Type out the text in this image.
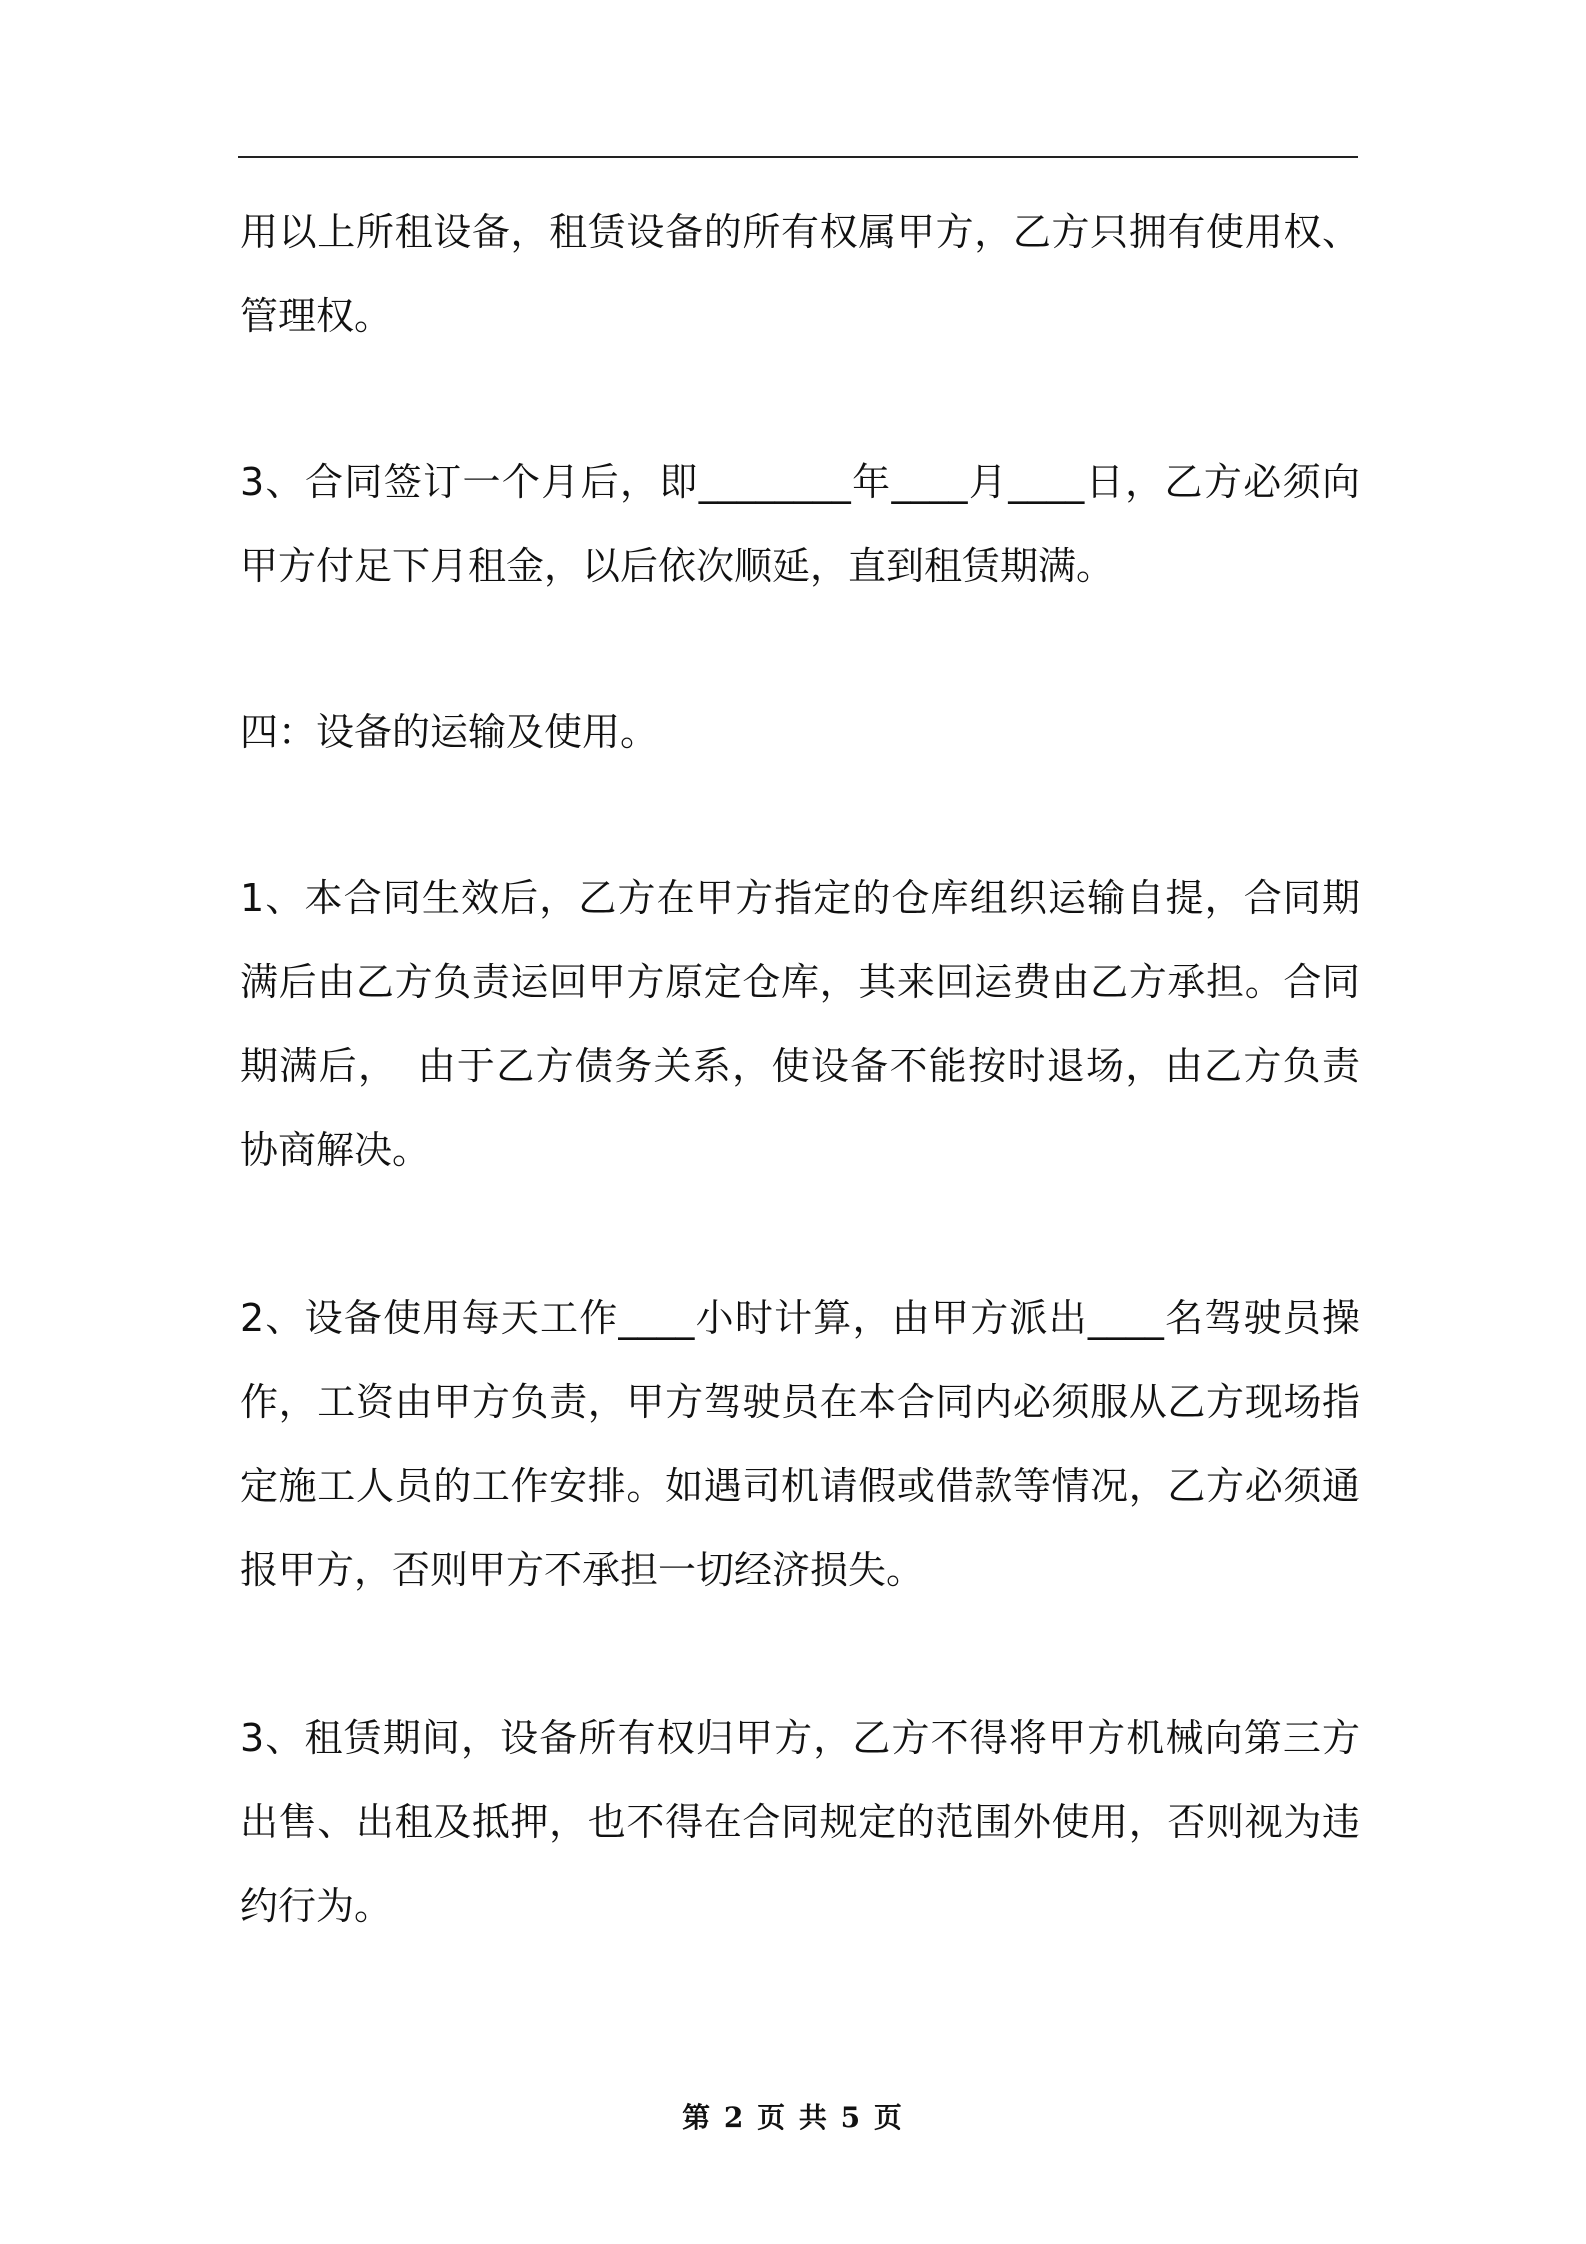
用以上所租设备，租赁设备的所有权属甲方，乙方只拥有使用权、管理权。

3、合同签订一个月后，即________年____月____日，乙方必须向甲方付足下月租金，以后依次顺延，直到租赁期满。

四：设备的运输及使用。

1、本合同生效后，乙方在甲方指定的仓库组织运输自提，合同期满后由乙方负责运回甲方原定仓库，其来回运费由乙方承担。合同期满后，　由于乙方债务关系，使设备不能按时退场，由乙方负责协商解决。

2、设备使用每天工作____小时计算，由甲方派出____名驾驶员操作，工资由甲方负责，甲方驾驶员在本合同内必须服从乙方现场指定施工人员的工作安排。如遇司机请假或借款等情况，乙方必须通报甲方，否则甲方不承担一切经济损失。

3、租赁期间，设备所有权归甲方，乙方不得将甲方机械向第三方出售、出租及抵押，也不得在合同规定的范围外使用，否则视为违约行为。

第 2 页 共 5 页
